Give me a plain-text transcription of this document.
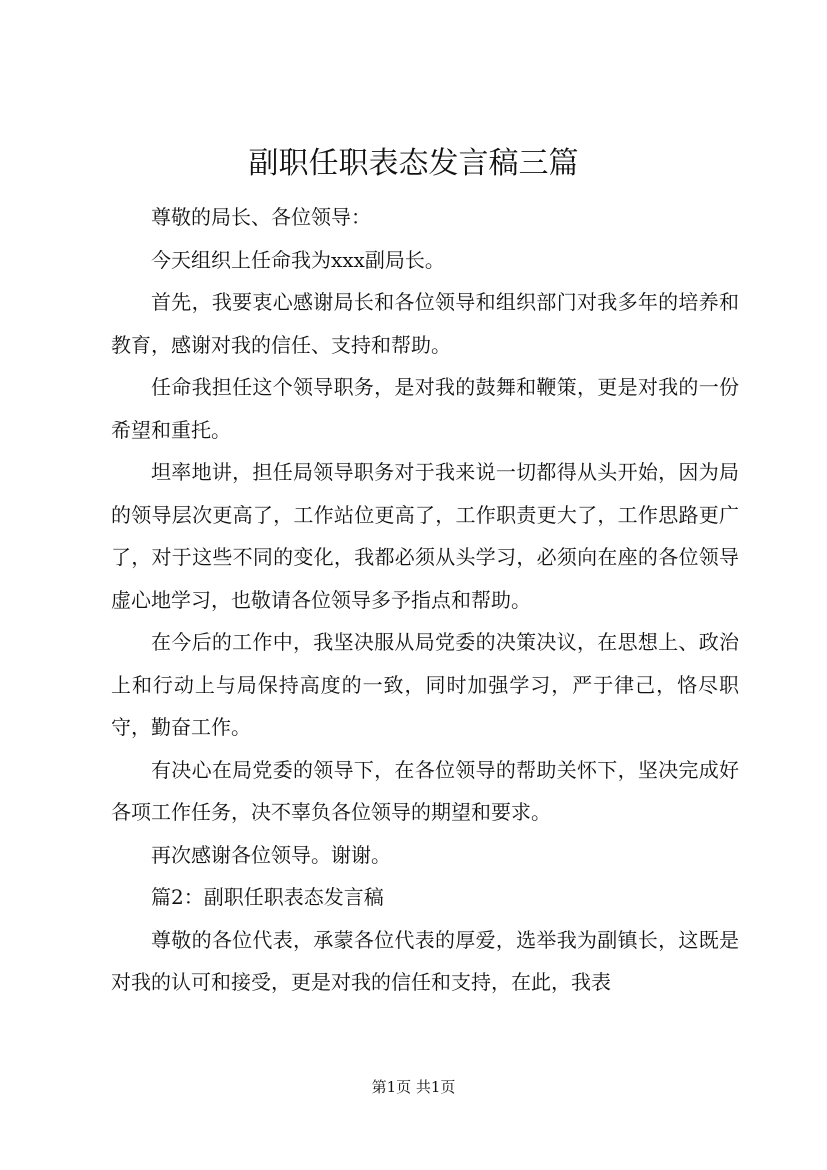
副职任职表态发言稿三篇

尊敬的局长、各位领导：

今天组织上任命我为xxx副局长。

首先，我要衷心感谢局长和各位领导和组织部门对我多年的培养和教育，感谢对我的信任、支持和帮助。

任命我担任这个领导职务，是对我的鼓舞和鞭策，更是对我的一份希望和重托。

坦率地讲，担任局领导职务对于我来说一切都得从头开始，因为局的领导层次更高了，工作站位更高了，工作职责更大了，工作思路更广了，对于这些不同的变化，我都必须从头学习，必须向在座的各位领导虚心地学习，也敬请各位领导多予指点和帮助。

在今后的工作中，我坚决服从局党委的决策决议，在思想上、政治上和行动上与局保持高度的一致，同时加强学习，严于律己，恪尽职守，勤奋工作。

有决心在局党委的领导下，在各位领导的帮助关怀下，坚决完成好各项工作任务，决不辜负各位领导的期望和要求。

再次感谢各位领导。谢谢。

篇2：副职任职表态发言稿

尊敬的各位代表，承蒙各位代表的厚爱，选举我为副镇长，这既是对我的认可和接受，更是对我的信任和支持，在此，我表

第1页 共1页
